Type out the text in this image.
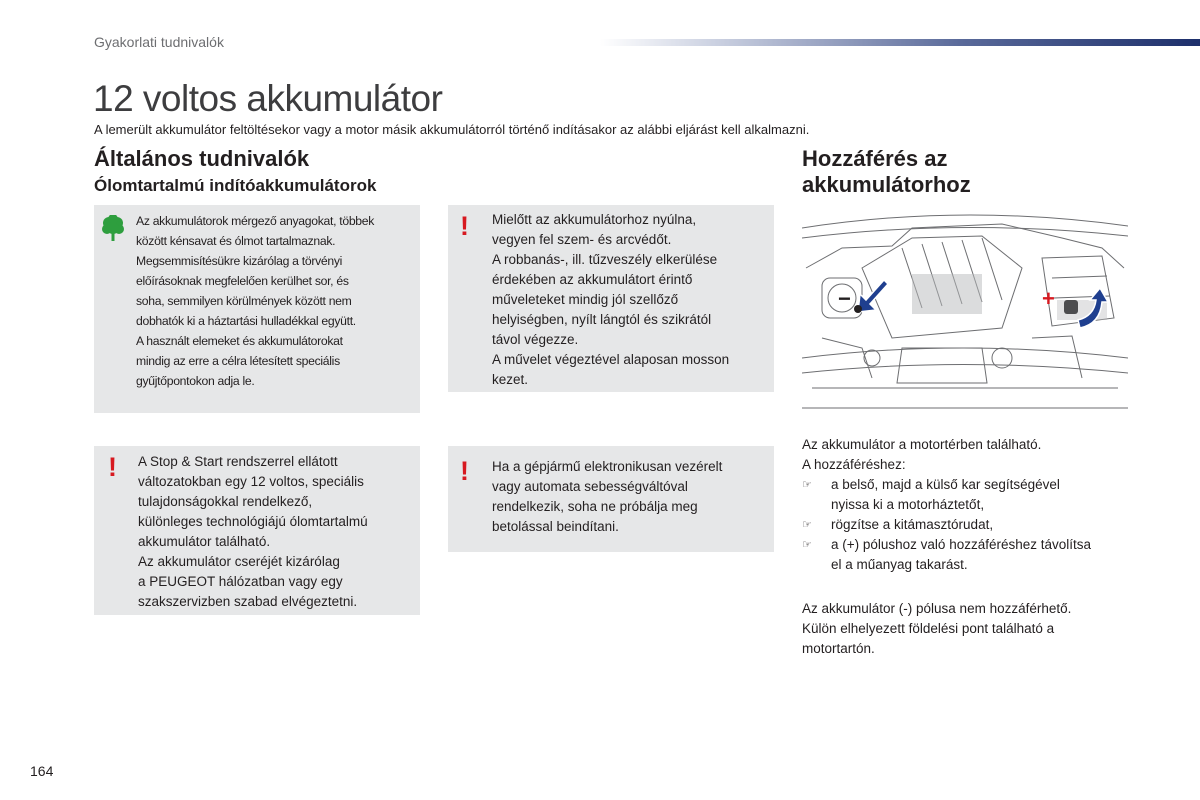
Gyakorlati tudnivalók
12 voltos akkumulátor
A lemerült akkumulátor feltöltésekor vagy a motor másik akkumulátorról történő indításakor az alábbi eljárást kell alkalmazni.
Általános tudnivalók
Ólomtartalmú indítóakkumulátorok
Az akkumulátorok mérgező anyagokat, többek
között kénsavat és ólmot tartalmaznak.
Megsemmisítésükre kizárólag a törvényi
előírásoknak megfelelően kerülhet sor, és
soha, semmilyen körülmények között nem
dobhatók ki a háztartási hulladékkal együtt.
A használt elemeket és akkumulátorokat
mindig az erre a célra létesített speciális
gyűjtőpontokon adja le.
! A Stop & Start rendszerrel ellátott
változatokban egy 12 voltos, speciális
tulajdonságokkal rendelkező,
különleges technológiájú ólomtartalmú
akkumulátor található.
Az akkumulátor cseréjét kizárólag
a PEUGEOT hálózatban vagy egy
szakszervizben szabad elvégeztetni.
! Mielőtt az akkumulátorhoz nyúlna,
vegyen fel szem- és arcvédőt.
A robbanás-, ill. tűzveszély elkerülése
érdekében az akkumulátort érintő
műveleteket mindig jól szellőző
helyiségben, nyílt lángtól és szikrától
távol végezze.
A művelet végeztével alaposan mosson
kezet.
! Ha a gépjármű elektronikusan vezérelt
vagy automata sebességváltóval
rendelkezik, soha ne próbálja meg
betolással beindítani.
Hozzáférés az akkumulátorhoz
−	+
Az akkumulátor a motortérben található.
A hozzáféréshez:
☞ a belső, majd a külső kar segítségével
nyissa ki a motorháztetőt,
☞ rögzítse a kitámasztórudat,
☞ a (+) pólushoz való hozzáféréshez távolítsa
el a műanyag takarást.
Az akkumulátor (-) pólusa nem hozzáférhető.
Külön elhelyezett földelési pont található a
motortartón.
164
